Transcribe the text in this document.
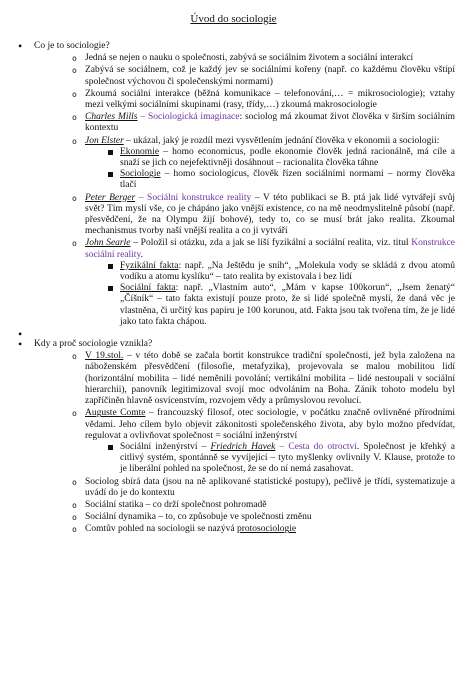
Úvod do sociologie
• Co je to sociologie?
o Jedná se nejen o nauku o společnosti, zabývá se sociálním životem a sociální interakcí
o Zabývá se sociálnem, což je každý jev se sociálními kořeny (např. co každému člověku vštípí společnost výchovou či společenskými normami)
o Zkoumá sociální interakce (běžná komunikace – telefonování,… = mikrosociologie); vztahy mezi velkými sociálními skupinami (rasy, třídy,…) zkoumá makrosociologie
o Charles Mills – Sociologická imaginace: sociolog má zkoumat život člověka v širším sociálním kontextu
o Jon Elster – ukázal, jaký je rozdíl mezi vysvětlením jednání člověka v ekonomii a sociologii:
Ekonomie – homo economicus, podle ekonomie člověk jedná racionálně, má cíle a snaží se jich co nejefektivněji dosáhnout – racionalita člověka táhne
Sociologie – homo sociologicus, člověk řízen sociálními normami – normy člověka tlačí
o Peter Berger – Sociální konstrukce reality – V této publikaci se B. ptá jak lidé vytvářejí svůj svět? Tím myslí vše, co je chápáno jako vnější existence, co na mě neodmyslitelně působí (např. přesvědčení, že na Olympu žijí bohové), tedy to, co se musí brát jako realita. Zkoumal mechanismus tvorby naší vnější realita a co ji vytváří
o John Searle – Položil si otázku, zda a jak se liší fyzikální a sociální realita, viz. titul Konstrukce sociální reality.
Fyzikální fakta: např. „Na Ještědu je sníh“, „Molekula vody se skládá z dvou atomů vodíku a atomu kyslíku“ – tato realita by existovala i bez lidí
Sociální fakta: např. „Vlastním auto“, „Mám v kapse 100korun“, „Jsem ženatý“ „Číšník“ – tato fakta existují pouze proto, že si lidé společně myslí, že daná věc je vlastněna, či určitý kus papíru je 100 korunou, atd. Fakta jsou tak tvořena tím, že je lidé jako tato fakta chápou.
•
• Kdy a proč sociologie vznikla?
o V 19.stol. – v této době se začala bortit konstrukce tradiční společnosti, jež byla založena na náboženském přesvědčení (filosofie, metafyzika), projevovala se malou mobilitou lidí (horizontální mobilita – lidé neměnili povolání; vertikální mobilita – lidé nestoupali v sociální hierarchii), panovník legitimizoval svojí moc odvoláním na Boha. Zánik tohoto modelu byl zapříčiněn hlavně osvícenstvím, rozvojem vědy a průmyslovou revolucí.
o Auguste Comte – francouzský filosof, otec sociologie, v počátku značně ovlivněné přírodními vědami. Jeho cílem bylo objevit zákonitosti společenského života, aby bylo možno předvídat, regulovat a ovlivňovat společnost = sociální inženýrství
Sociální inženýrství – Friedrich Havek – Cesta do otroctví. Společnost je křehký a citlivý systém, spontánně se vyvíjející – tyto myšlenky ovlivnily V. Klause, protože to je liberální pohled na společnost, že se do ní nemá zasahovat.
o Sociolog sbírá data (jsou na ně aplikované statistické postupy), pečlivě je třídí, systematizuje a uvádí do je do kontextu
o Sociální statika – co drží společnost pohromadě
o Sociální dynamika – to, co způsobuje ve společnosti změnu
o Comtův pohled na sociologii se nazývá protosociologie
